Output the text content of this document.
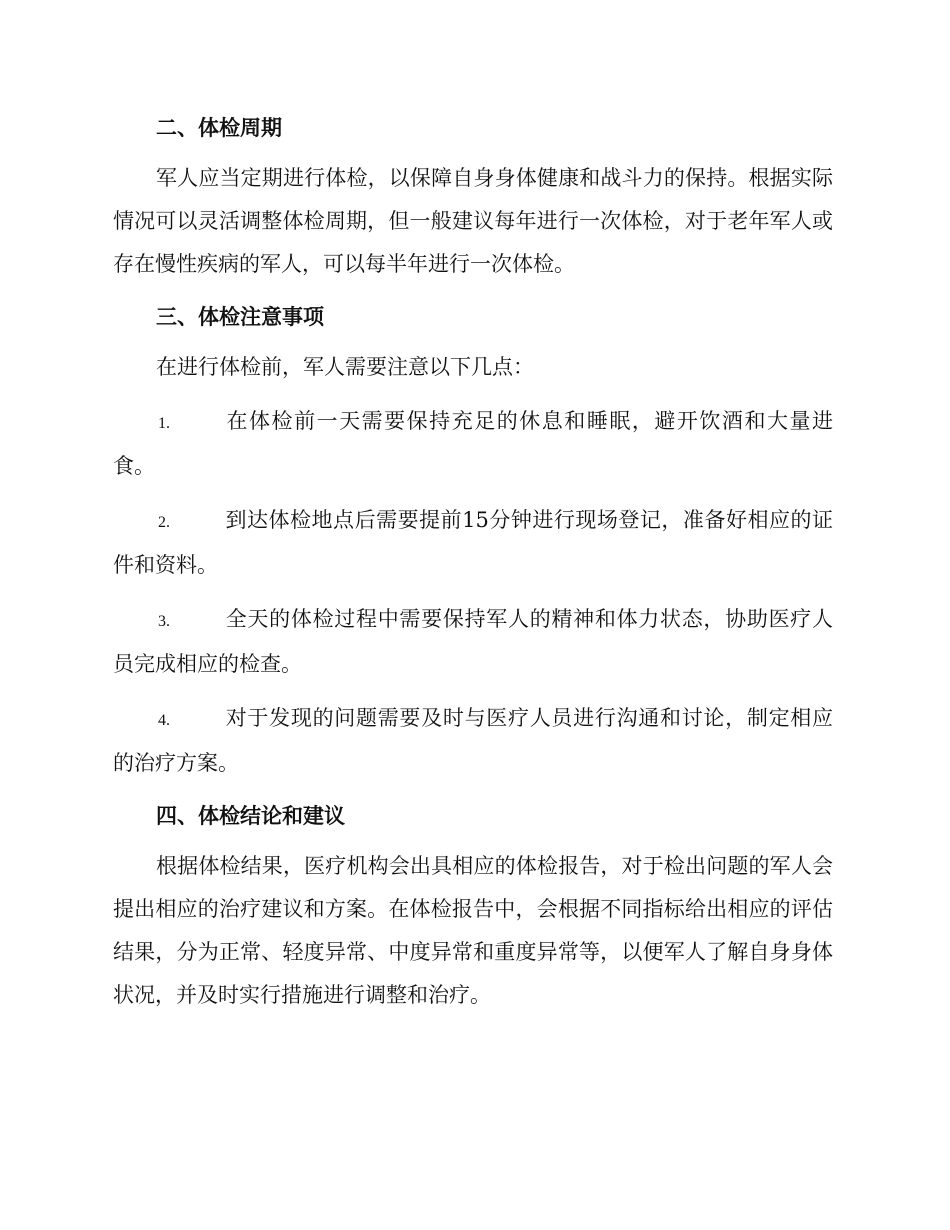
二、体检周期
军人应当定期进行体检，以保障自身身体健康和战斗力的保持。根据实际情况可以灵活调整体检周期，但一般建议每年进行一次体检，对于老年军人或存在慢性疾病的军人，可以每半年进行一次体检。
三、体检注意事项
在进行体检前，军人需要注意以下几点：
1.	在体检前一天需要保持充足的休息和睡眠，避开饮酒和大量进食。
2.	到达体检地点后需要提前15分钟进行现场登记，准备好相应的证件和资料。
3.	全天的体检过程中需要保持军人的精神和体力状态，协助医疗人员完成相应的检查。
4.	对于发现的问题需要及时与医疗人员进行沟通和讨论，制定相应的治疗方案。
四、体检结论和建议
根据体检结果，医疗机构会出具相应的体检报告，对于检出问题的军人会提出相应的治疗建议和方案。在体检报告中，会根据不同指标给出相应的评估结果，分为正常、轻度异常、中度异常和重度异常等，以便军人了解自身身体状况，并及时实行措施进行调整和治疗。
